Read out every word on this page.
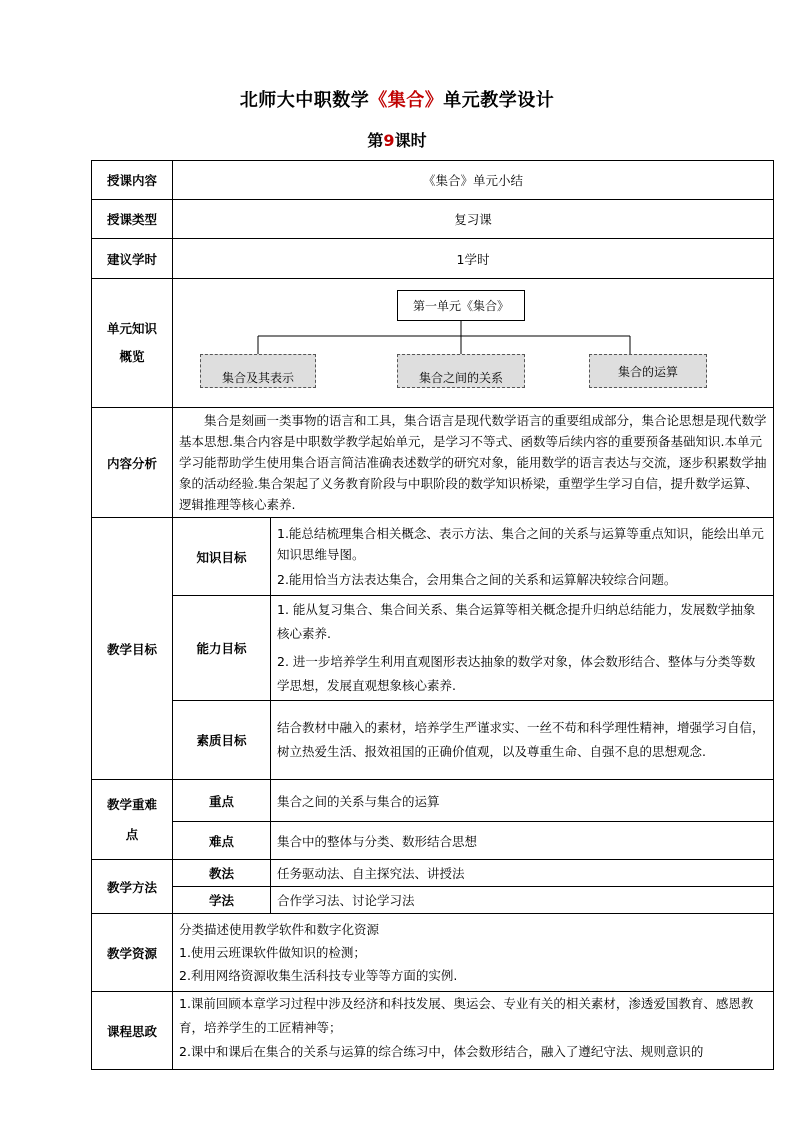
北师大中职数学《集合》单元教学设计
第9课时
授课内容	《集合》单元小结	
授课类型	复习课	
建议学时	1学时	

单元知识概览	第一单元《集合》
集合及其表示 集合之间的关系 集合的运算	

内容分析	集合是刻画一类事物的语言和工具，集合语言是现代数学语言的重要组成部分，集合论思想是现代数学基本思想.集合内容是中职数学教学起始单元，是学习不等式、函数等后续内容的重要预备基础知识.本单元学习能帮助学生使用集合语言简洁准确表述数学的研究对象，能用数学的语言表达与交流，逐步积累数学抽象的活动经验.集合架起了义务教育阶段与中职阶段的数学知识桥梁，重塑学生学习自信，提升数学运算、逻辑推理等核心素养.	

教学目标	知识目标	1.能总结梳理集合相关概念、表示方法、集合之间的关系与运算等重点知识，能绘出单元知识思维导图。
2.能用恰当方法表达集合，会用集合之间的关系和运算解决较综合问题。

	能力目标	1. 能从复习集合、集合间关系、集合运算等相关概念提升归纳总结能力，发展数学抽象核心素养.
2. 进一步培养学生利用直观图形表达抽象的数学对象，体会数形结合、整体与分类等数学思想，发展直观想象核心素养.

	素质目标	结合教材中融入的素材，培养学生严谨求实、一丝不苟和科学理性精神，增强学习自信，树立热爱生活、报效祖国的正确价值观，以及尊重生命、自强不息的思想观念.

教学重难点	重点	集合之间的关系与集合的运算
	难点	集合中的整体与分类、数形结合思想
教学方法	教法	任务驱动法、自主探究法、讲授法
	学法	合作学习法、讨论学习法
教学资源	分类描述使用教学软件和数字化资源
1.使用云班课软件做知识的检测；
2.利用网络资源收集生活科技专业等等方面的实例.	

课程思政	1.课前回顾本章学习过程中涉及经济和科技发展、奥运会、专业有关的相关素材，渗透爱国教育、感恩教育，培养学生的工匠精神等；
2.课中和课后在集合的关系与运算的综合练习中，体会数形结合，融入了遵纪守法、规则意识的	
